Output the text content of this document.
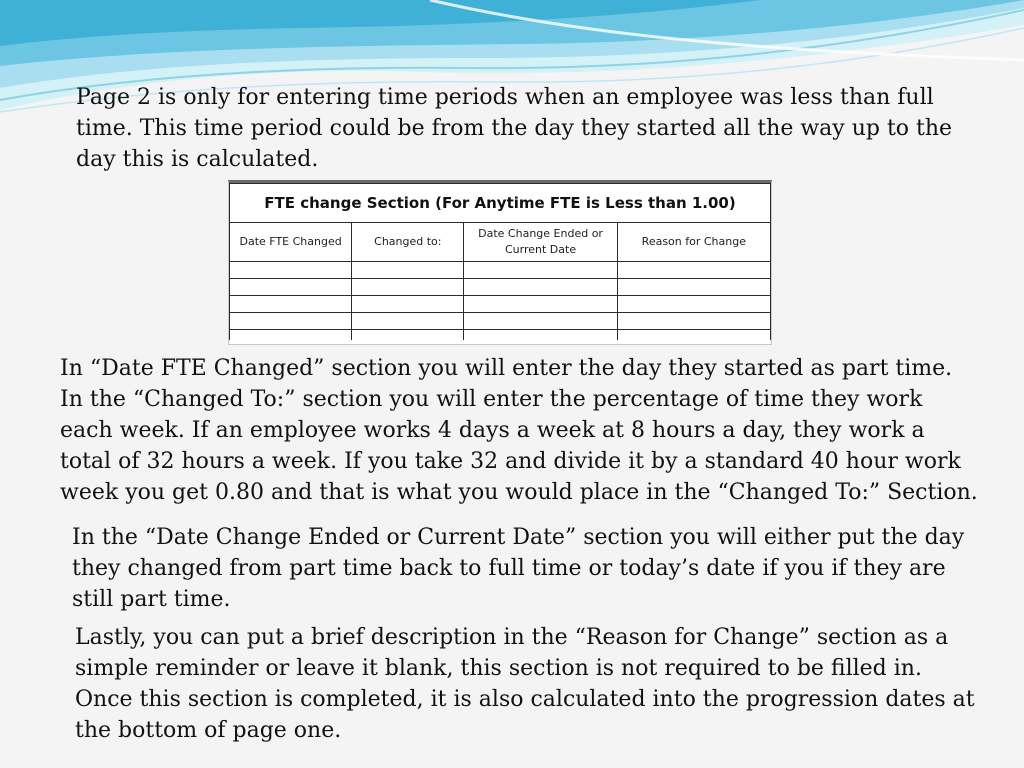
Page 2 is only for entering time periods when an employee was less than full time. This time period could be from the day they started all the way up to the day this is calculated.

FTE change Section (For Anytime FTE is Less than 1.00)			
Date FTE Changed	Changed to:	Date Change Ended or Current Date	Reason for Change

In “Date FTE Changed” section you will enter the day they started as part time. In the “Changed To:” section you will enter the percentage of time they work each week. If an employee works 4 days a week at 8 hours a day, they work a total of 32 hours a week. If you take 32 and divide it by a standard 40 hour work week you get 0.80 and that is what you would place in the “Changed To:” Section.

In the “Date Change Ended or Current Date” section you will either put the day they changed from part time back to full time or today’s date if you if they are still part time.

Lastly, you can put a brief description in the “Reason for Change” section as a simple reminder or leave it blank, this section is not required to be filled in. Once this section is completed, it is also calculated into the progression dates at the bottom of page one.
